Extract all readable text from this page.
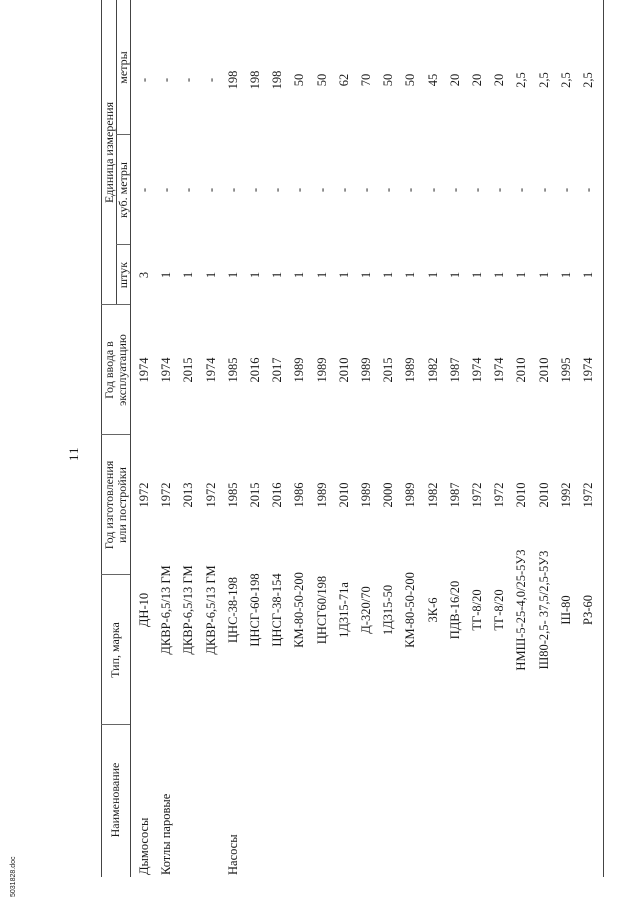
11
5031828.doc
Наименование
Тип, марка
Год изготовления или постройки
Год ввода в эксплуатацию
Единица измерения
штук
куб. метры
метры
Дымососы
ДН-10
1972
1974
3
-
-
Котлы паровые
ДКВР-6,5/13 ГМ
1972
1974
1
-
-
ДКВР-6,5/13 ГМ
2013
2015
1
-
-
ДКВР-6,5/13 ГМ
1972
1974
1
-
-
Насосы
ЦНС-38-198
1985
1985
1
-
198
ЦНСГ-60-198
2015
2016
1
-
198
ЦНСГ-38-154
2016
2017
1
-
198
КМ-80-50-200
1986
1989
1
-
50
ЦНСГ60/198
1989
1989
1
-
50
1Д315-71а
2010
2010
1
-
62
Д-320/70
1989
1989
1
-
70
1Д315-50
2000
2015
1
-
50
КМ-80-50-200
1989
1989
1
-
50
3К-6
1982
1982
1
-
45
ПДВ-16/20
1987
1987
1
-
20
ТГ-8/20
1972
1974
1
-
20
ТГ-8/20
1972
1974
1
-
20
НМШ-5-25-4,0/25-5У3
2010
2010
1
-
2,5
Ш80-2,5- 37,5/2,5-5У3
2010
2010
1
-
2,5
Ш-80
1992
1995
1
-
2,5
РЗ-60
1972
1974
1
-
2,5
